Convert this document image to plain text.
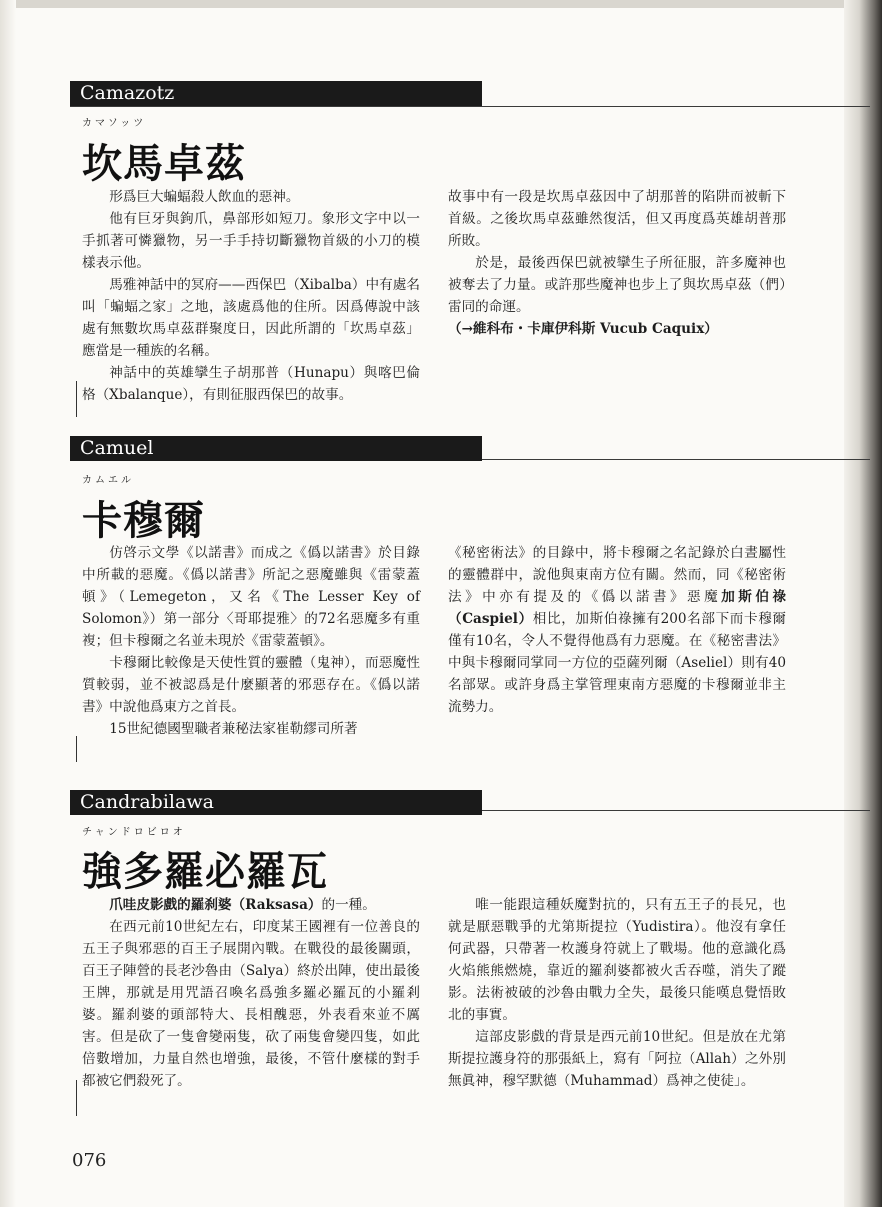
Camazotz
カマソッツ
坎馬卓茲

形爲巨大蝙蝠殺人飲血的惡神。

他有巨牙與鉤爪，鼻部形如短刀。象形文字中以一手抓著可憐獵物，另一手手持切斷獵物首級的小刀的模樣表示他。

馬雅神話中的冥府——西保巴（Xibalba）中有處名叫「蝙蝠之家」之地，該處爲他的住所。因爲傳說中該處有無數坎馬卓茲群聚度日，因此所謂的「坎馬卓茲」應當是一種族的名稱。

神話中的英雄攣生子胡那普（Hunapu）與喀巴倫格（Xbalanque），有則征服西保巴的故事。

故事中有一段是坎馬卓茲因中了胡那普的陷阱而被斬下首級。之後坎馬卓茲雖然復活，但又再度爲英雄胡普那所敗。

於是，最後西保巴就被攣生子所征服，許多魔神也被奪去了力量。或許那些魔神也步上了與坎馬卓茲（們）雷同的命運。

（→維科布・卡庫伊科斯 Vucub Caquix）

Camuel
カムエル
卡穆爾

仿啓示文學《以諾書》而成之《僞以諾書》於目錄中所載的惡魔。《僞以諾書》所記之惡魔雖與《雷蒙蓋頓》（Lemegeton，又名《The Lesser Key of Solomon》）第一部分〈哥耶提雅〉的72名惡魔多有重複；但卡穆爾之名並未現於《雷蒙蓋頓》。

卡穆爾比較像是天使性質的靈體（鬼神），而惡魔性質較弱，並不被認爲是什麼顯著的邪惡存在。《僞以諾書》中說他爲東方之首長。

15世紀德國聖職者兼秘法家崔勒繆司所著

《秘密術法》的目錄中，將卡穆爾之名記錄於白晝屬性的靈體群中，說他與東南方位有關。然而，同《秘密術法》中亦有提及的《僞以諾書》惡魔加斯伯祿（Caspiel）相比，加斯伯祿擁有200名部下而卡穆爾僅有10名，令人不覺得他爲有力惡魔。在《秘密書法》中與卡穆爾同掌同一方位的亞薩列爾（Aseliel）則有40名部眾。或許身爲主掌管理東南方惡魔的卡穆爾並非主流勢力。

Candrabilawa
チャンドロビロオ
強多羅必羅瓦

爪哇皮影戲的羅刹婆（Raksasa）的一種。

在西元前10世紀左右，印度某王國裡有一位善良的五王子與邪惡的百王子展開內戰。在戰役的最後關頭，百王子陣營的長老沙魯由（Salya）終於出陣，使出最後王牌，那就是用咒語召喚名爲強多羅必羅瓦的小羅剎婆。羅刹婆的頭部特大、長相醜惡，外表看來並不厲害。但是砍了一隻會變兩隻，砍了兩隻會變四隻，如此倍數增加，力量自然也增強，最後，不管什麼樣的對手都被它們殺死了。

唯一能跟這種妖魔對抗的，只有五王子的長兄，也就是厭惡戰爭的尤第斯提拉（Yudistira）。他沒有拿任何武器，只帶著一枚護身符就上了戰場。他的意識化爲火焰熊熊燃燒，靠近的羅刹婆都被火舌吞噬，消失了蹤影。法術被破的沙魯由戰力全失，最後只能嘆息覺悟敗北的事實。

這部皮影戲的背景是西元前10世紀。但是放在尤第斯提拉護身符的那張紙上，寫有「阿拉（Allah）之外別無眞神，穆罕默德（Muhammad）爲神之使徒」。

076
